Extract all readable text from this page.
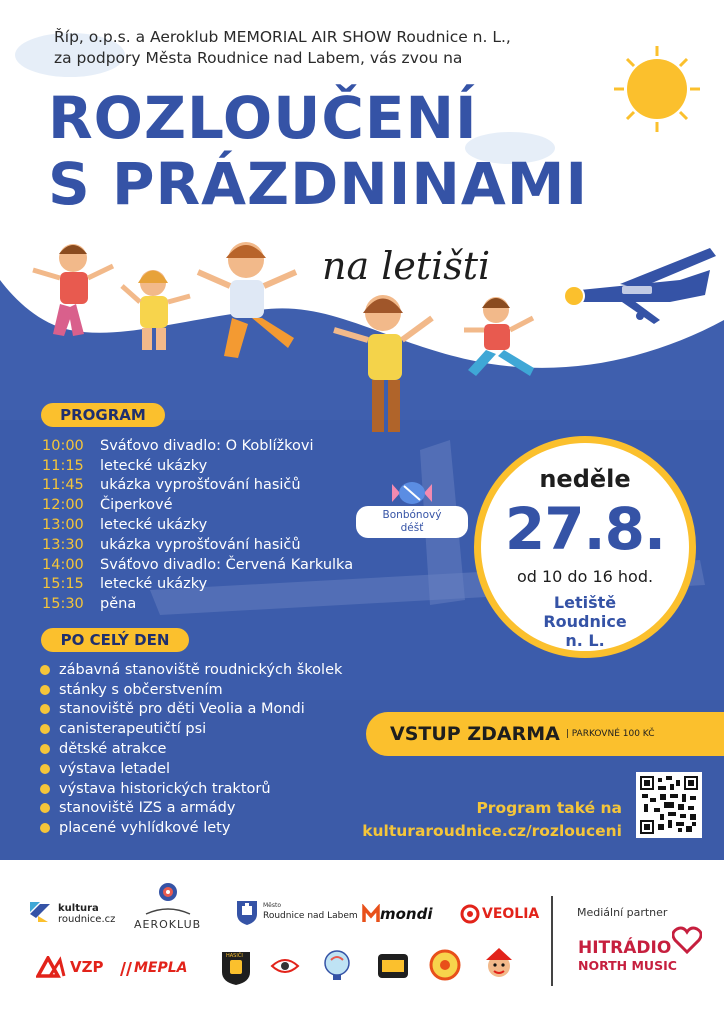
Říp, o.p.s. a Aeroklub MEMORIAL AIR SHOW Roudnice n. L.,
za podpory Města Roudnice nad Labem, vás zvou na
ROZLOUČENÍ
S PRÁZDNINAMI
na letišti
PROGRAM
10:00	Sváťovo divadlo: O Koblížkovi
11:15	letecké ukázky
11:45	ukázka vyprošťování hasičů
12:00	Čiperkové
13:00	letecké ukázky
13:30	ukázka vyprošťování hasičů
14:00	Sváťovo divadlo: Červená Karkulka
15:15	letecké ukázky
15:30	pěna
PO CELÝ DEN
zábavná stanoviště roudnických školek
stánky s občerstvením
stanoviště pro děti Veolia a Mondi
canisterapeutičtí psi
dětské atrakce
výstava letadel
výstava historických traktorů
stanoviště IZS a armády
placené vyhlídkové lety
Bonbónový
déšť
neděle
27.8.
od 10 do 16 hod.
Letiště
Roudnice
n. L.
VSTUP ZDARMA | PARKOVNÉ 100 KČ
Program také na
kulturaroudnice.cz/rozlouceni
kultura
roudnice.cz AEROKLUB
Město
Roudnice nad Labem mondi	VEOLIA
VZP MEPLA
HASIČI
Mediální partner
HITRÁDIO
NORTH MUSIC
